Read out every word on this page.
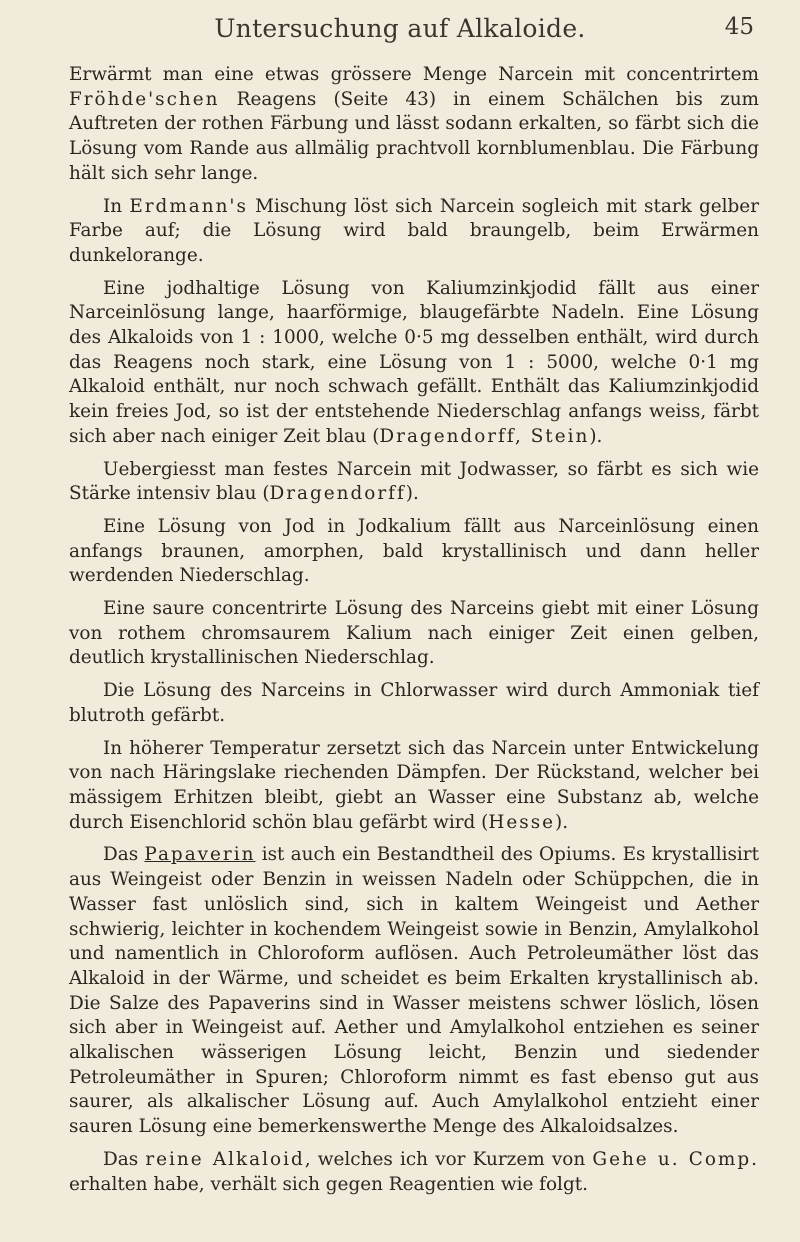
Untersuchung auf Alkaloide.	45

Erwärmt man eine etwas grössere Menge Narcein mit concentrirtem Fröhde'schen Reagens (Seite 43) in einem Schälchen bis zum Auftreten der rothen Färbung und lässt sodann erkalten, so färbt sich die Lösung vom Rande aus allmälig prachtvoll kornblumenblau. Die Färbung hält sich sehr lange.

In Erdmann's Mischung löst sich Narcein sogleich mit stark gelber Farbe auf; die Lösung wird bald braungelb, beim Erwärmen dunkelorange.

Eine jodhaltige Lösung von Kaliumzinkjodid fällt aus einer Narceinlösung lange, haarförmige, blaugefärbte Nadeln. Eine Lösung des Alkaloids von 1 : 1000, welche 0·5 mg desselben enthält, wird durch das Reagens noch stark, eine Lösung von 1 : 5000, welche 0·1 mg Alkaloid enthält, nur noch schwach gefällt. Enthält das Kaliumzinkjodid kein freies Jod, so ist der entstehende Niederschlag anfangs weiss, färbt sich aber nach einiger Zeit blau (Dragendorff, Stein).

Uebergiesst man festes Narcein mit Jodwasser, so färbt es sich wie Stärke intensiv blau (Dragendorff).

Eine Lösung von Jod in Jodkalium fällt aus Narceinlösung einen anfangs braunen, amorphen, bald krystallinisch und dann heller werdenden Niederschlag.

Eine saure concentrirte Lösung des Narceins giebt mit einer Lösung von rothem chromsaurem Kalium nach einiger Zeit einen gelben, deutlich krystallinischen Niederschlag.

Die Lösung des Narceins in Chlorwasser wird durch Ammoniak tief blutroth gefärbt.

In höherer Temperatur zersetzt sich das Narcein unter Entwickelung von nach Häringslake riechenden Dämpfen. Der Rückstand, welcher bei mässigem Erhitzen bleibt, giebt an Wasser eine Substanz ab, welche durch Eisenchlorid schön blau gefärbt wird (Hesse).

Das Papaverin ist auch ein Bestandtheil des Opiums. Es krystallisirt aus Weingeist oder Benzin in weissen Nadeln oder Schüppchen, die in Wasser fast unlöslich sind, sich in kaltem Weingeist und Aether schwierig, leichter in kochendem Weingeist sowie in Benzin, Amylalkohol und namentlich in Chloroform auflösen. Auch Petroleumäther löst das Alkaloid in der Wärme, und scheidet es beim Erkalten krystallinisch ab. Die Salze des Papaverins sind in Wasser meistens schwer löslich, lösen sich aber in Weingeist auf. Aether und Amylalkohol entziehen es seiner alkalischen wässerigen Lösung leicht, Benzin und siedender Petroleumäther in Spuren; Chloroform nimmt es fast ebenso gut aus saurer, als alkalischer Lösung auf. Auch Amylalkohol entzieht einer sauren Lösung eine bemerkenswerthe Menge des Alkaloidsalzes.

Das reine Alkaloid, welches ich vor Kurzem von Gehe u. Comp. erhalten habe, verhält sich gegen Reagentien wie folgt.
